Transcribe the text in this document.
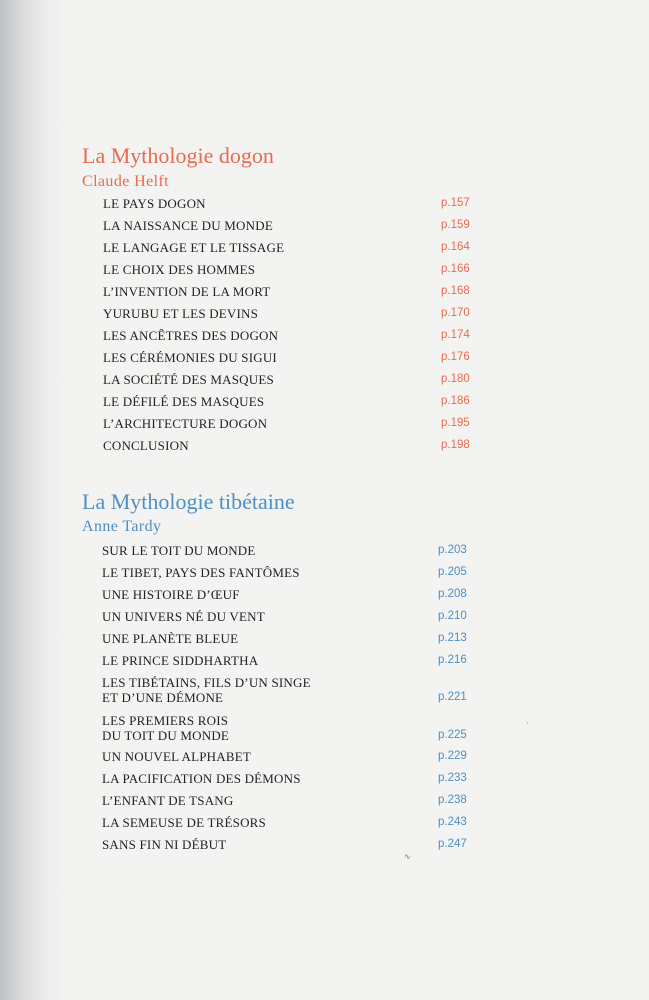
La Mythologie dogon
Claude Helft
LE PAYS DOGON	p.157
LA NAISSANCE DU MONDE	p.159
LE LANGAGE ET LE TISSAGE	p.164
LE CHOIX DES HOMMES	p.166
L’INVENTION DE LA MORT	p.168
YURUBU ET LES DEVINS	p.170
LES ANCÊTRES DES DOGON	p.174
LES CÉRÉMONIES DU SIGUI	p.176
LA SOCIÉTÉ DES MASQUES	p.180
LE DÉFILÉ DES MASQUES	p.186
L’ARCHITECTURE DOGON	p.195
CONCLUSION	p.198
La Mythologie tibétaine
Anne Tardy
SUR LE TOIT DU MONDE	p.203
LE TIBET, PAYS DES FANTÔMES	p.205
UNE HISTOIRE D’ŒUF	p.208
UN UNIVERS NÉ DU VENT	p.210
UNE PLANÈTE BLEUE	p.213
LE PRINCE SIDDHARTHA	p.216
LES TIBÉTAINS, FILS D’UN SINGE
ET D’UNE DÉMONE	p.221
LES PREMIERS ROIS
DU TOIT DU MONDE	p.225
UN NOUVEL ALPHABET	p.229
LA PACIFICATION DES DÉMONS	p.233
L’ENFANT DE TSANG	p.238
LA SEMEUSE DE TRÉSORS	p.243
SANS FIN NI DÉBUT	p.247
·
∿
